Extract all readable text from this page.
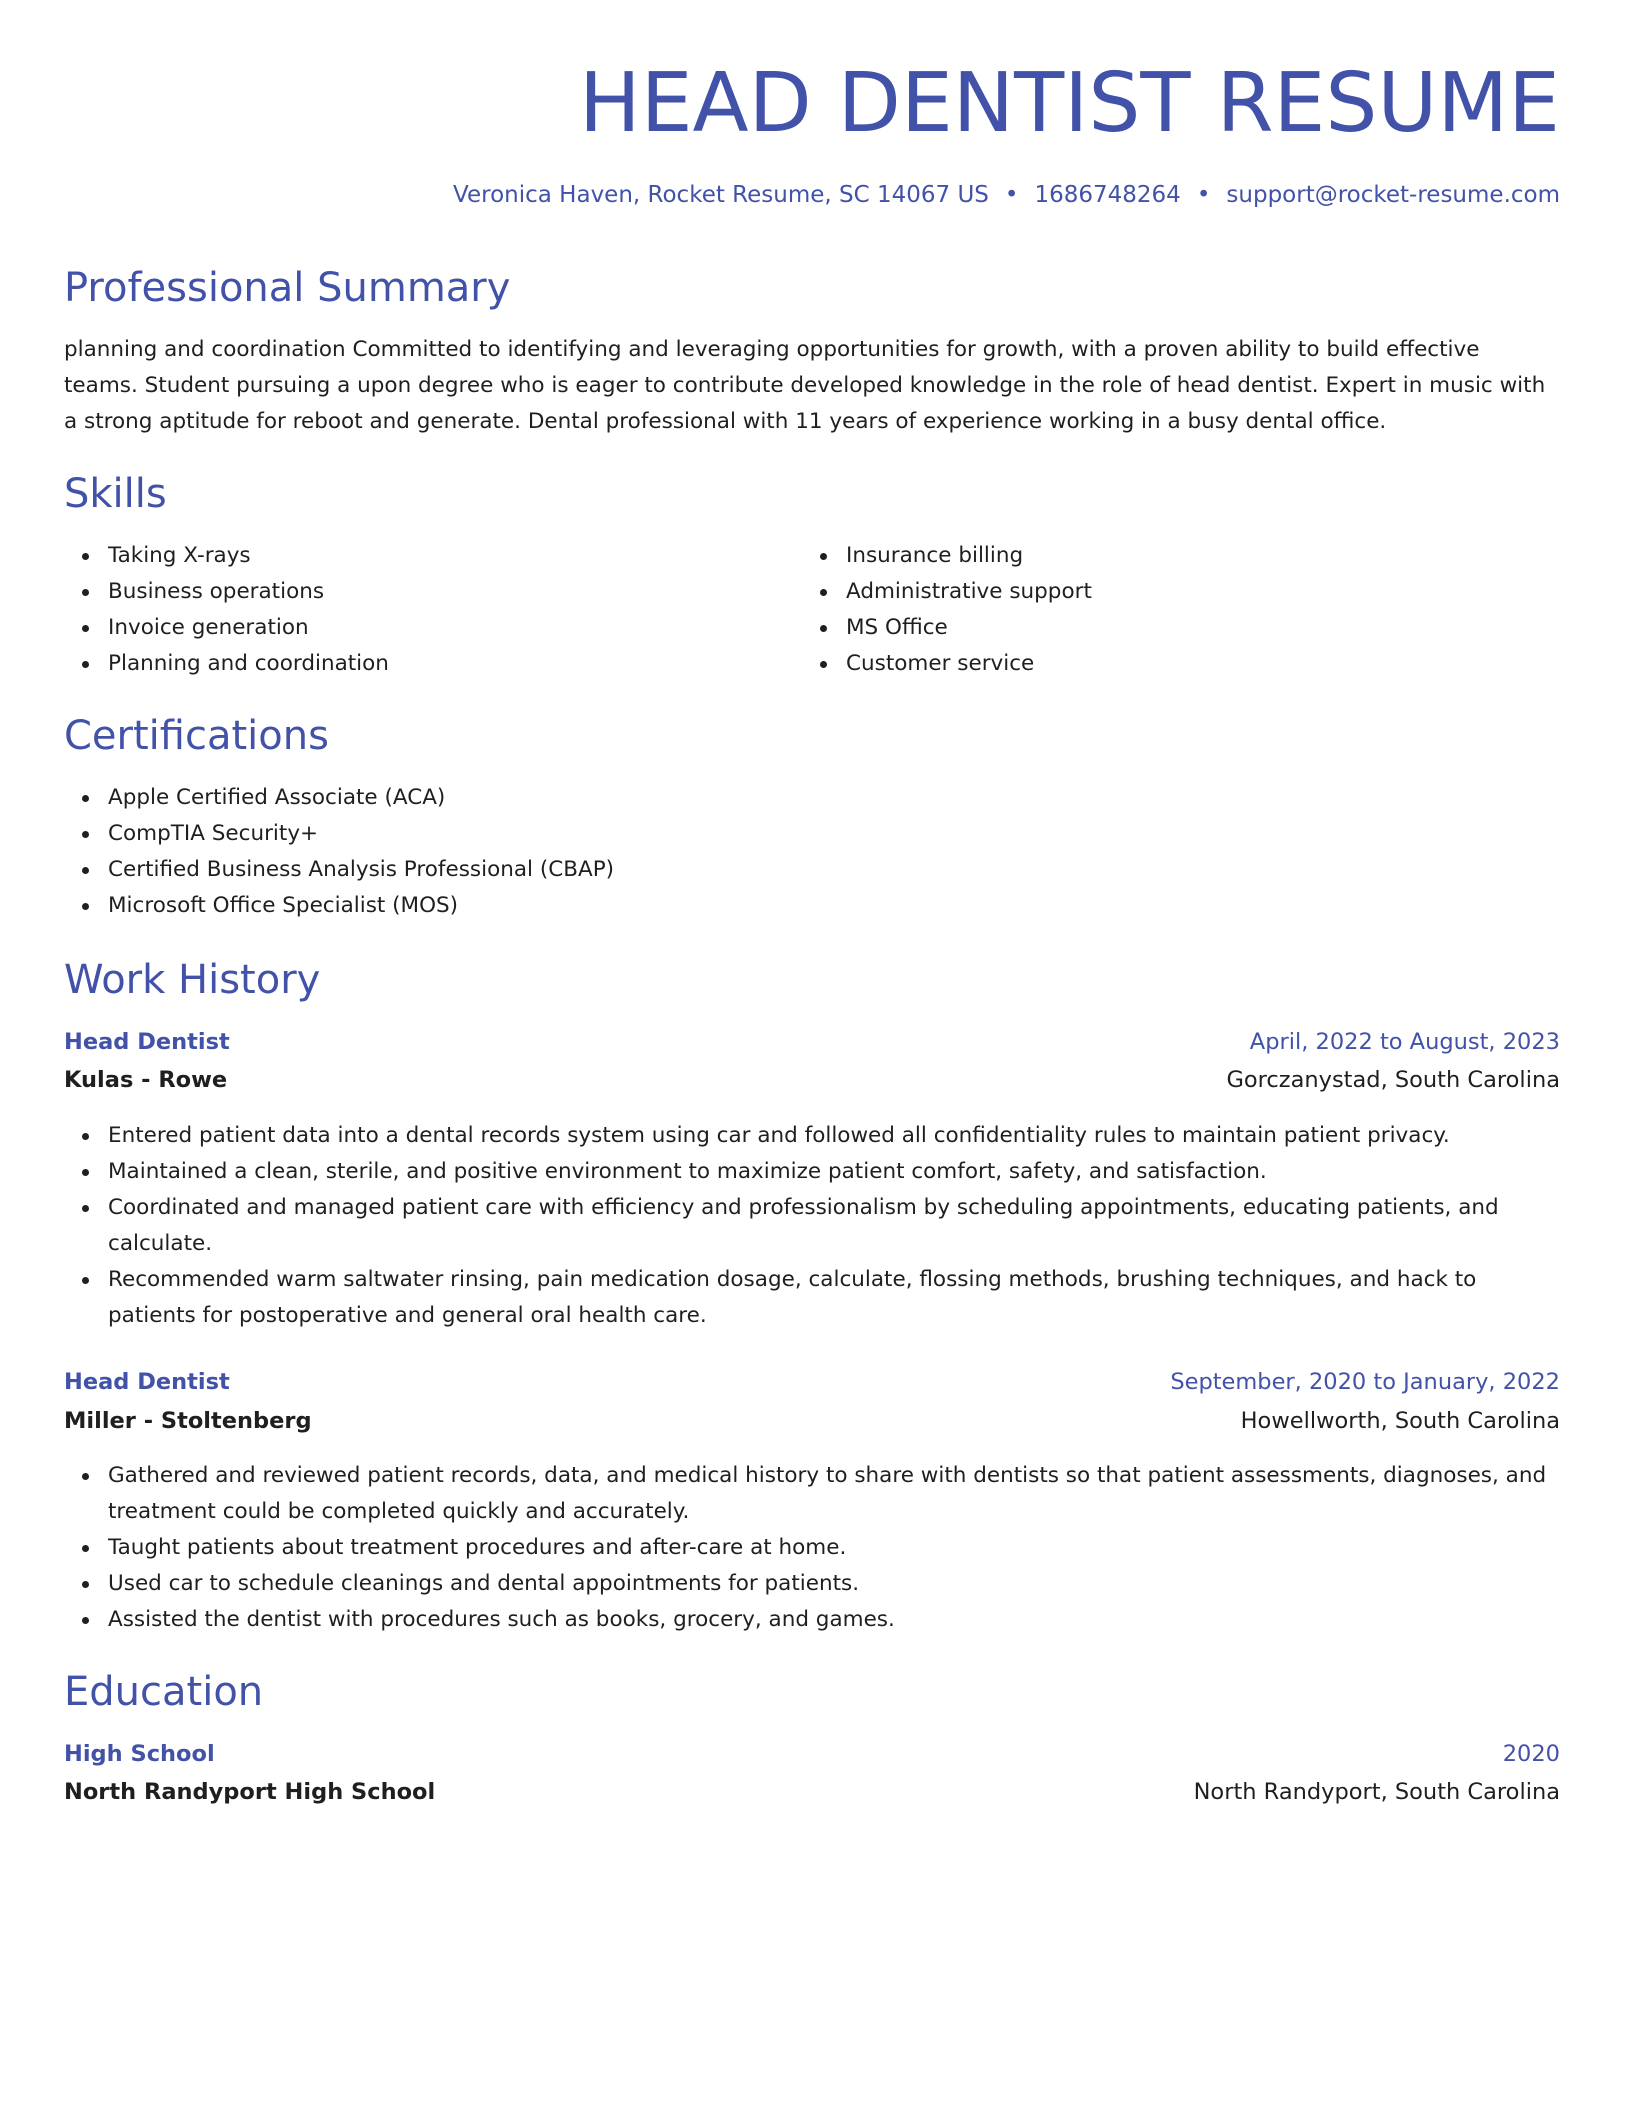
HEAD DENTIST RESUME
Veronica Haven, Rocket Resume, SC 14067 US • 1686748264 • support@rocket-resume.com
Professional Summary

planning and coordination Committed to identifying and leveraging opportunities for growth, with a proven ability to build effective teams. Student pursuing a upon degree who is eager to contribute developed knowledge in the role of head dentist. Expert in music with a strong aptitude for reboot and generate. Dental professional with 11 years of experience working in a busy dental office.

Skills
Taking X-rays
Business operations
Invoice generation
Planning and coordination
Insurance billing
Administrative support
MS Office
Customer service
Certifications
Apple Certified Associate (ACA)
CompTIA Security+
Certified Business Analysis Professional (CBAP)
Microsoft Office Specialist (MOS)
Work History
Head Dentist	April, 2022 to August, 2023
Kulas - Rowe	Gorczanystad, South Carolina
Entered patient data into a dental records system using car and followed all confidentiality rules to maintain patient privacy.
Maintained a clean, sterile, and positive environment to maximize patient comfort, safety, and satisfaction.
Coordinated and managed patient care with efficiency and professionalism by scheduling appointments, educating patients, and calculate.
Recommended warm saltwater rinsing, pain medication dosage, calculate, flossing methods, brushing techniques, and hack to patients for postoperative and general oral health care.
Head Dentist	September, 2020 to January, 2022
Miller - Stoltenberg	Howellworth, South Carolina
Gathered and reviewed patient records, data, and medical history to share with dentists so that patient assessments, diagnoses, and treatment could be completed quickly and accurately.
Taught patients about treatment procedures and after-care at home.
Used car to schedule cleanings and dental appointments for patients.
Assisted the dentist with procedures such as books, grocery, and games.
Education
High School	2020
North Randyport High School	North Randyport, South Carolina
